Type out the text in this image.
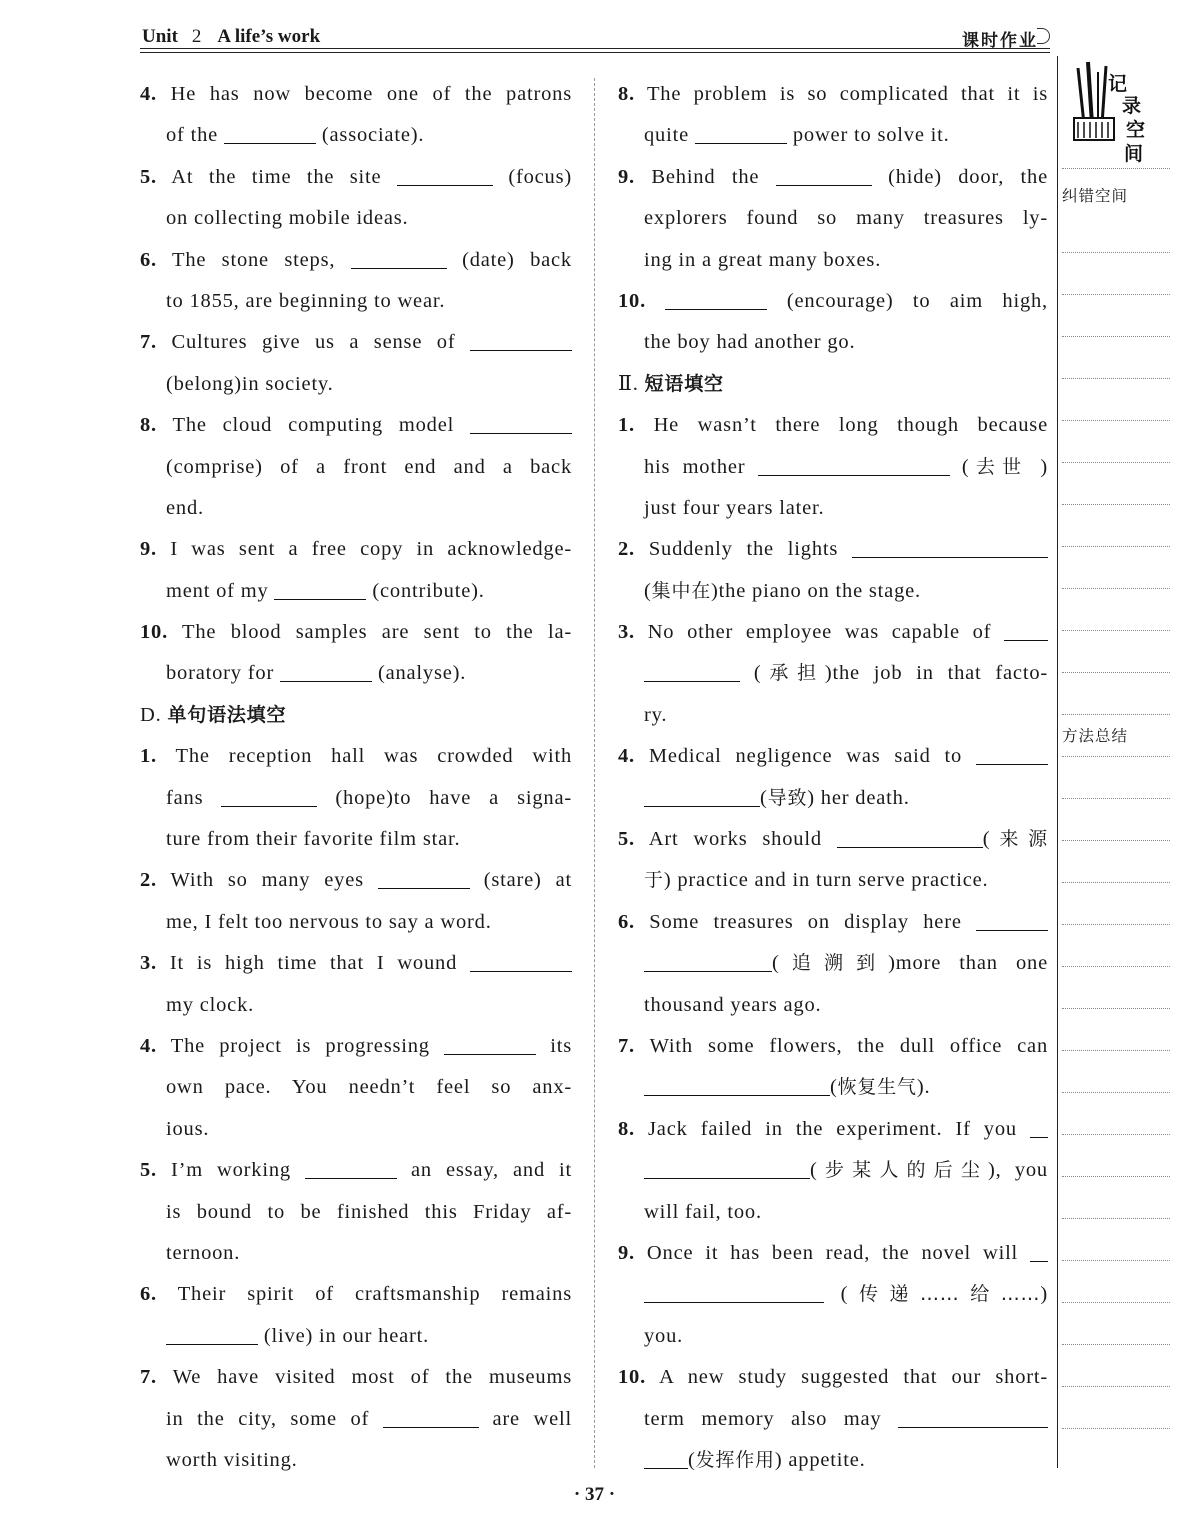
Unit 2 A life’s work	课时作业
4. He has now become one of the patrons
of the	(associate).
5. At the time the site	(focus)
on collecting mobile ideas.
6. The stone steps,	(date) back
to 1855, are beginning to wear.
7. Cultures give us a sense of
(belong)in society.
8. The cloud computing model
(comprise) of a front end and a back
end.
9. I was sent a free copy in acknowledge-
ment of my	(contribute).
10. The blood samples are sent to the la-
boratory for	(analyse).
D. 单句语法填空
1. The reception hall was crowded with
fans	(hope)to have a signa-
ture from their favorite film star.
2. With so many eyes	(stare) at
me, I felt too nervous to say a word.
3. It is high time that I wound
my clock.
4. The project is progressing	its
own pace. You needn’t feel so anx-
ious.
5. I’m working	an essay, and it
is bound to be finished this Friday af-
ternoon.
6. Their spirit of craftsmanship remains
(live) in our heart.
7. We have visited most of the museums
in the city, some of	are well
worth visiting.
8. The problem is so complicated that it is
quite	power to solve it.
9. Behind the	(hide) door, the
explorers found so many treasures ly-
ing in a great many boxes.
10.	(encourage) to aim high,
the boy had another go.
Ⅱ. 短语填空
1. He wasn’t there long though because
his mother	(去世 )
just four years later.
2. Suddenly the lights
(集中在)the piano on the stage.
3. No other employee was capable of
(承担)the job in that facto-
ry.
4. Medical negligence was said to
(导致) her death.
5. Art works should	(来源
于) practice and in turn serve practice.
6. Some treasures on display here
(追溯到)more than one
thousand years ago.
7. With some flowers, the dull office can
(恢复生气).
8. Jack failed in the experiment. If you
(步某人的后尘), you
will fail, too.
9. Once it has been read, the novel will
(传递……给……)
you.
10. A new study suggested that our short-
term memory also may
(发挥作用) appetite.
记
录
空
间
纠错空间
方法总结
· 37 ·
